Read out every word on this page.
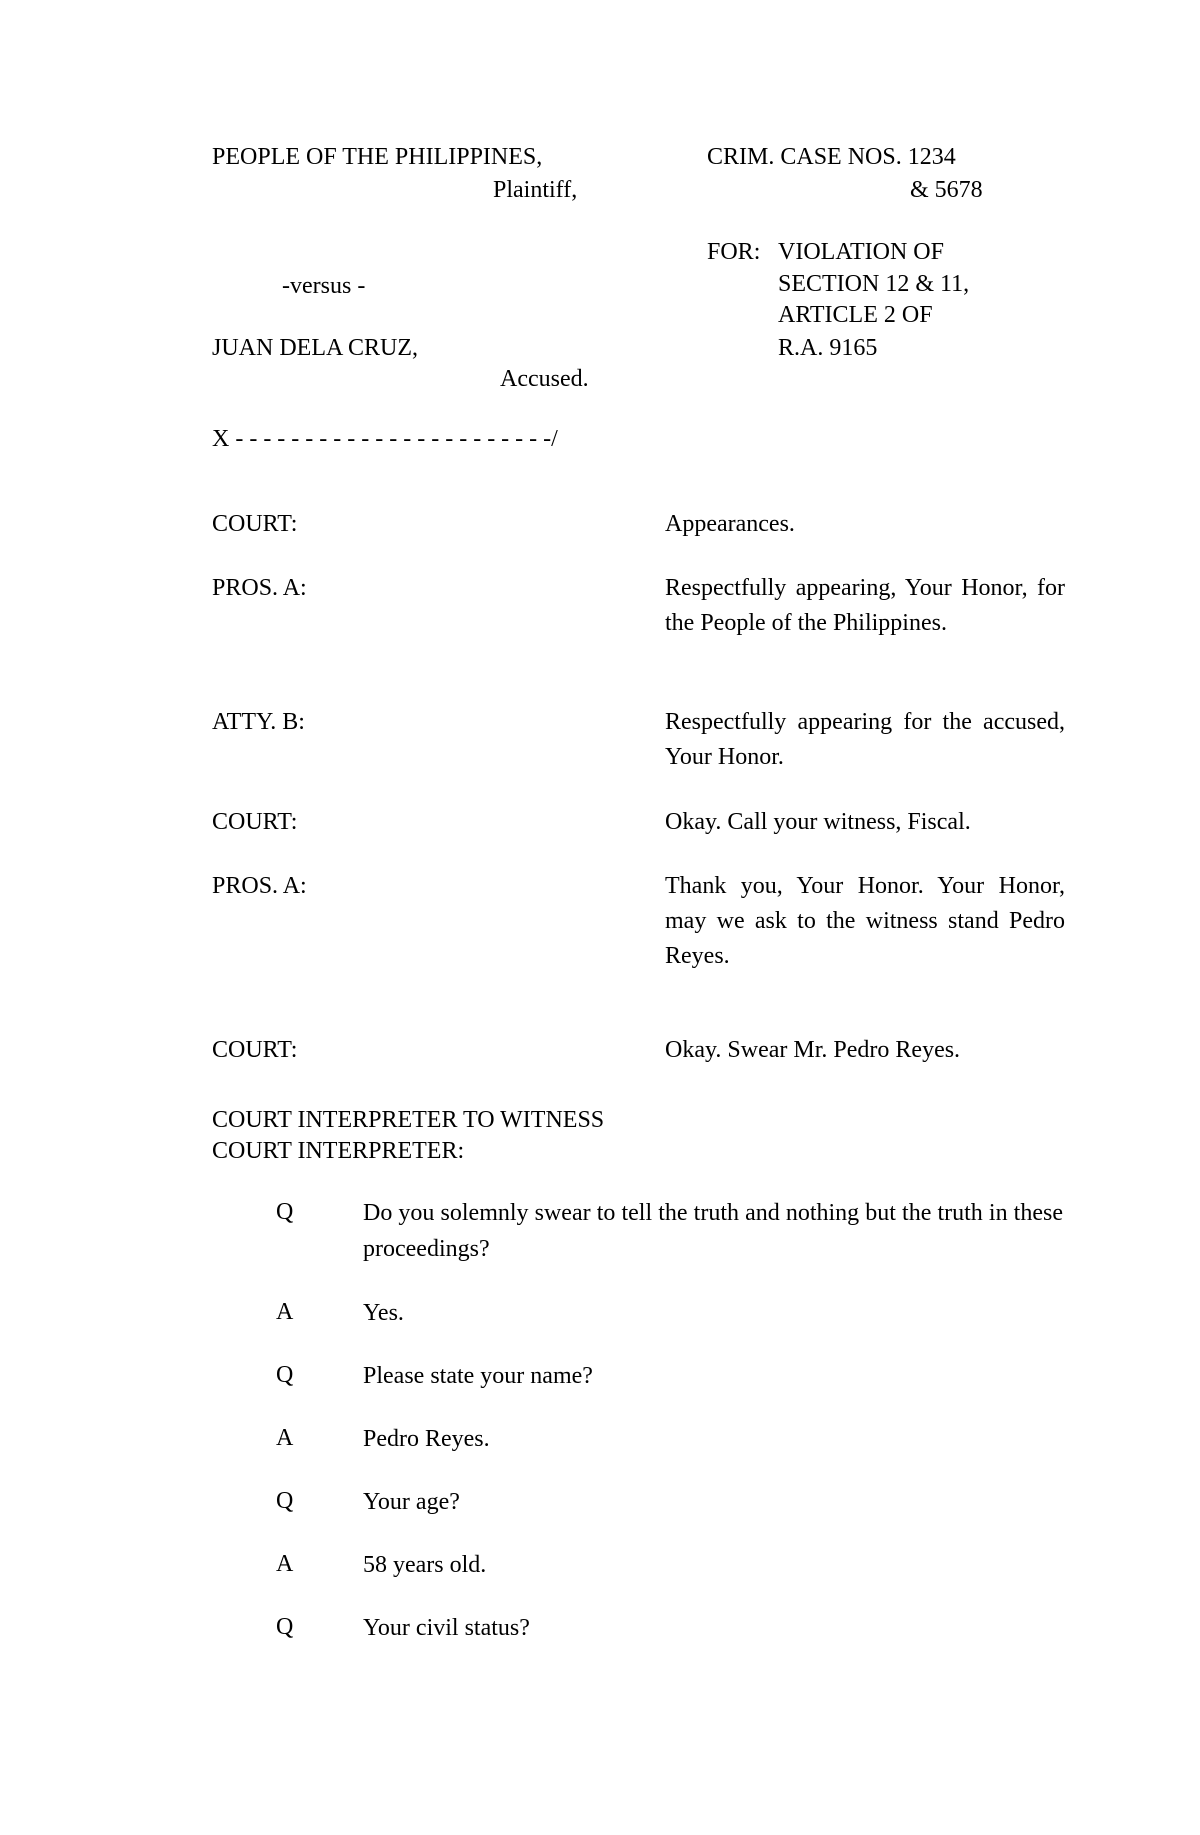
PEOPLE OF THE PHILIPPINES,
Plaintiff,
-versus -
JUAN DELA CRUZ,
Accused.
CRIM. CASE NOS. 1234
& 5678
FOR: VIOLATION OF
SECTION 12 & 11,
ARTICLE 2 OF
R.A. 9165
X - - - - - - - - - - - - - - - - - - - - - - -/
COURT:	Appearances.
PROS. A:	Respectfully appearing, Your Honor, for the People of the Philippines.
ATTY. B:	Respectfully appearing for the accused, Your Honor.
COURT:	Okay. Call your witness, Fiscal.
PROS. A:	Thank you, Your Honor. Your Honor, may we ask to the witness stand Pedro Reyes.
COURT:	Okay. Swear Mr. Pedro Reyes.
COURT INTERPRETER TO WITNESS
COURT INTERPRETER:
Q	Do you solemnly swear to tell the truth and nothing but the truth in these proceedings?
A	Yes.
Q	Please state your name?
A	Pedro Reyes.
Q	Your age?
A	58 years old.
Q	Your civil status?
